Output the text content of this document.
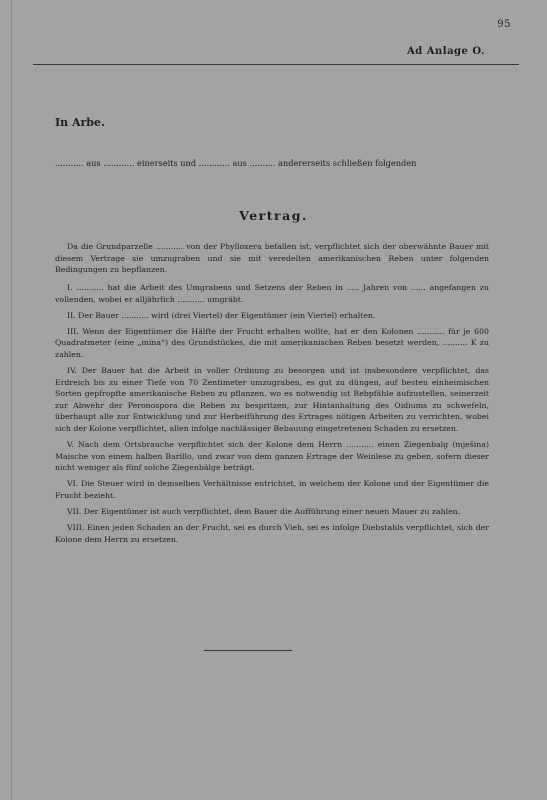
95
Ad Anlage O.
In Arbe.
........... aus ............ einerseits und ............ aus .......... andererseits schließen folgenden
Vertrag.

Da die Grundparzelle ........... von der Phylloxera befallen ist, verpflichtet sich der oberwähnte Bauer mit diesem Vertrage sie umzugraben und sie mit veredelten amerikanischen Reben unter folgenden Bedingungen zu bepflanzen.

I. ........... hat die Arbeit des Umgrabens und Setzens der Reben in ..... Jahren von ...... angefangen zu vollenden, wobei er alljährlich ........... umgräbt.

II. Der Bauer ........... wird (drei Viertel) der Eigentümer (ein Viertel) erhalten.

III. Wenn der Eigentümer die Hälfte der Frucht erhalten wollte, hat er den Kolonen ........... für je 600 Quadratmeter (eine „mina“) des Grundstückes, die mit amerikanischen Reben besetzt werden, .......... K zu zahlen.

IV. Der Bauer hat die Arbeit in voller Ordnung zu besorgen und ist insbesondere verpflichtet, das Erdreich bis zu einer Tiefe von 70 Zentimeter umzugraben, es gut zu düngen, auf besten einheimischen Sorten gepfropfte amerikanische Reben zu pflanzen, wo es notwendig ist Rebpfähle aufzustellen, seinerzeit zur Abwehr der Peronospora die Reben zu bespritzen, zur Hintanhaltung des Oidiums zu schwefeln, überhaupt alle zur Entwicklung und zur Herbeiführung des Ertrages nötigen Arbeiten zu verrichten, wobei sich der Kolone verpflichtet, allen infolge nachlässiger Bebauung eingetretenen Schaden zu ersetzen.

V. Nach dem Ortsbrauche verpflichtet sich der Kolone dem Herrn ........... einen Ziegenbalg (mješina) Maische von einem halben Barillo, und zwar von dem ganzen Ertrage der Weinlese zu geben, sofern dieser nicht weniger als fünf solche Ziegenbälge beträgt.

VI. Die Steuer wird in demselben Verhältnisse entrichtet, in welchem der Kolone und der Eigentümer die Frucht bezieht.

VII. Der Eigentümer ist auch verpflichtet, dem Bauer die Aufführung einer neuen Mauer zu zahlen.

VIII. Einen jeden Schaden an der Frucht, sei es durch Vieh, sei es infolge Diebstahls verpflichtet, sich der Kolone dem Herrn zu ersetzen.
